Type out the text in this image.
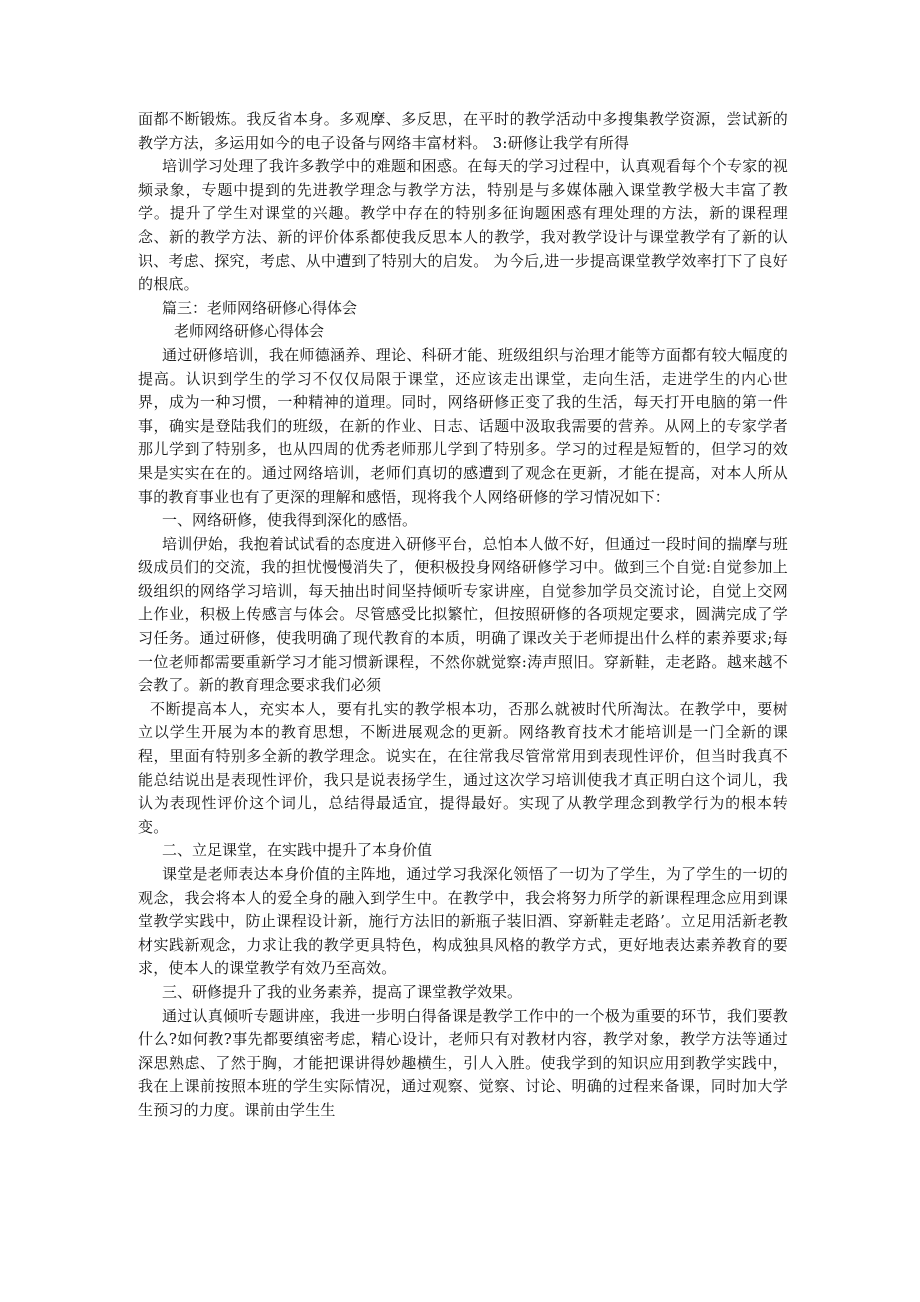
面都不断锻炼。我反省本身。多观摩、多反思，在平时的教学活动中多搜集教学资源，尝试新的教学方法，多运用如今的电子设备与网络丰富材料。 3:研修让我学有所得

培训学习处理了我许多教学中的难题和困惑。在每天的学习过程中，认真观看每个个专家的视频录象，专题中提到的先进教学理念与教学方法，特别是与多媒体融入课堂教学极大丰富了教学。提升了学生对课堂的兴趣。教学中存在的特别多征询题困惑有理处理的方法，新的课程理念、新的教学方法、新的评价体系都使我反思本人的教学，我对教学设计与课堂教学有了新的认识、考虑、探究，考虑、从中遭到了特别大的启发。 为今后,进一步提高课堂教学效率打下了良好的根底。

篇三：老师网络研修心得体会

老师网络研修心得体会

通过研修培训，我在师德涵养、理论、科研才能、班级组织与治理才能等方面都有较大幅度的提高。认识到学生的学习不仅仅局限于课堂，还应该走出课堂，走向生活，走进学生的内心世界，成为一种习惯，一种精神的道理。同时，网络研修正变了我的生活，每天打开电脑的第一件事，确实是登陆我们的班级，在新的作业、日志、话题中汲取我需要的营养。从网上的专家学者那儿学到了特别多，也从四周的优秀老师那儿学到了特别多。学习的过程是短暂的，但学习的效果是实实在在的。通过网络培训，老师们真切的感遭到了观念在更新，才能在提高，对本人所从事的教育事业也有了更深的理解和感悟，现将我个人网络研修的学习情况如下：

一、网络研修，使我得到深化的感悟。

培训伊始，我抱着试试看的态度进入研修平台，总怕本人做不好，但通过一段时间的揣摩与班级成员们的交流，我的担忧慢慢消失了，便积极投身网络研修学习中。做到三个自觉:自觉参加上级组织的网络学习培训，每天抽出时间坚持倾听专家讲座，自觉参加学员交流讨论，自觉上交网上作业，积极上传感言与体会。尽管感受比拟繁忙，但按照研修的各项规定要求，圆满完成了学习任务。通过研修，使我明确了现代教育的本质，明确了课改关于老师提出什么样的素养要求;每一位老师都需要重新学习才能习惯新课程，不然你就觉察:涛声照旧。穿新鞋，走老路。越来越不会教了。新的教育理念要求我们必须

不断提高本人，充实本人，要有扎实的教学根本功，否那么就被时代所淘汰。在教学中，要树立以学生开展为本的教育思想，不断进展观念的更新。网络教育技术才能培训是一门全新的课程，里面有特别多全新的教学理念。说实在，在往常我尽管常常用到表现性评价，但当时我真不能总结说出是表现性评价，我只是说表扬学生，通过这次学习培训使我才真正明白这个词儿，我认为表现性评价这个词儿，总结得最适宜，提得最好。实现了从教学理念到教学行为的根本转变。

二、立足课堂，在实践中提升了本身价值

课堂是老师表达本身价值的主阵地，通过学习我深化领悟了一切为了学生，为了学生的一切的观念，我会将本人的爱全身的融入到学生中。在教学中，我会将努力所学的新课程理念应用到课堂教学实践中，防止课程设计新，施行方法旧的新瓶子装旧酒、穿新鞋走老路’。立足用活新老教材实践新观念，力求让我的教学更具特色，构成独具风格的教学方式，更好地表达素养教育的要求，使本人的课堂教学有效乃至高效。

三、研修提升了我的业务素养，提高了课堂教学效果。

通过认真倾听专题讲座，我进一步明白得备课是教学工作中的一个极为重要的环节，我们要教什么?如何教?事先都要缜密考虑，精心设计，老师只有对教材内容，教学对象，教学方法等通过深思熟虑、了然于胸，才能把课讲得妙趣横生，引人入胜。使我学到的知识应用到教学实践中，我在上课前按照本班的学生实际情况，通过观察、觉察、讨论、明确的过程来备课，同时加大学生预习的力度。课前由学生生
